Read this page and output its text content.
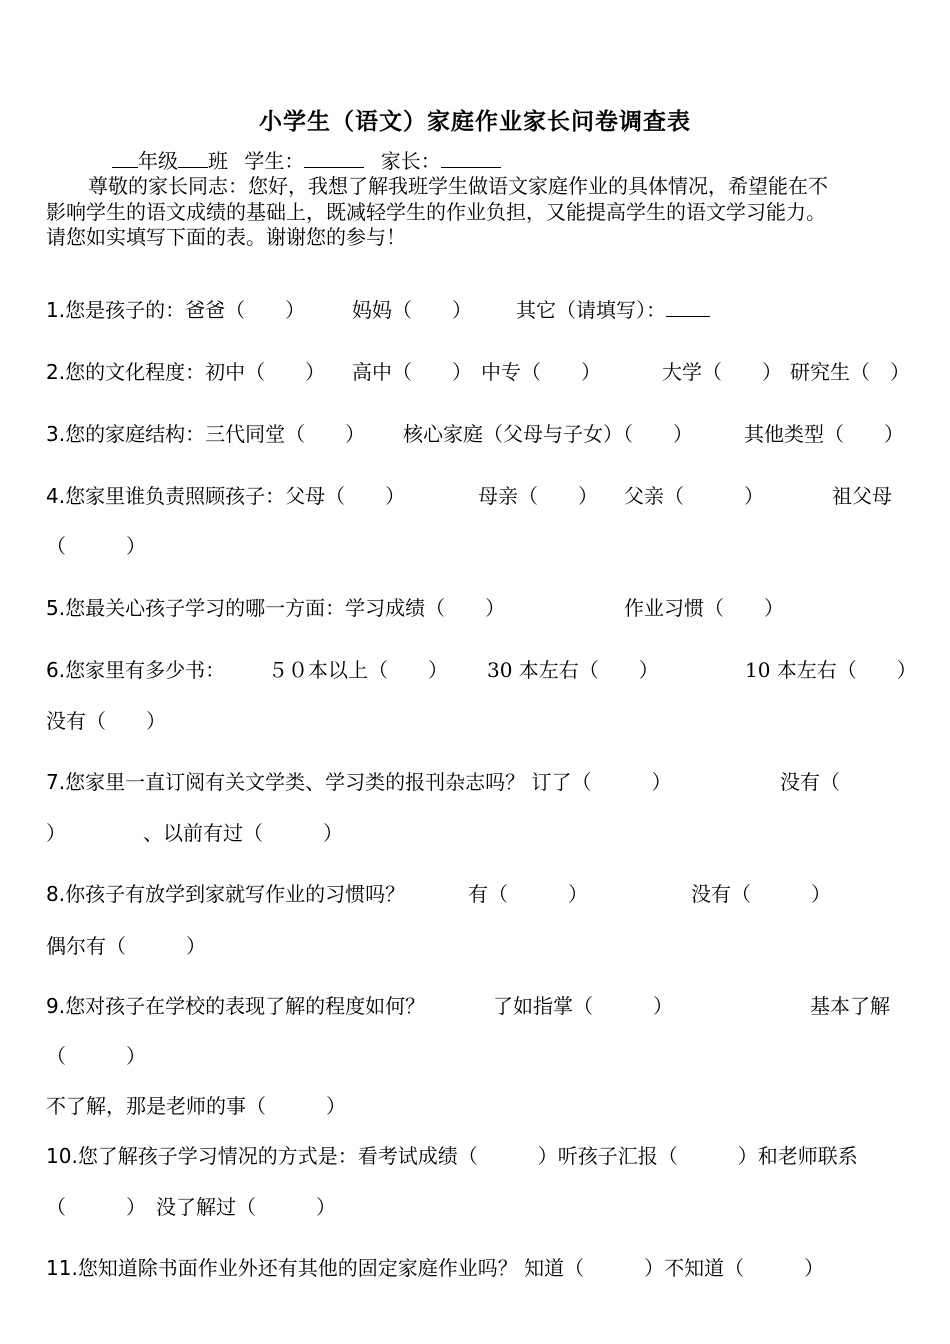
小学生（语文）家庭作业家长问卷调查表
年级 班 学生：	家长：
尊敬的家长同志：您好，我想了解我班学生做语文家庭作业的具体情况，希望能在不
影响学生的语文成绩的基础上，既减轻学生的作业负担，又能提高学生的语文学习能力。
请您如实填写下面的表。谢谢您的参与！
1.您是孩子的：爸爸（　　） 妈妈（　　） 其它（请填写）：
2.您的文化程度：初中（　　） 高中（　　） 中专（　　）	大学（　　） 研究生（　）
3.您的家庭结构：三代同堂（　　） 核心家庭（父母与子女）（　　）	其他类型（　　）
4.您家里谁负责照顾孩子：父母（　　）	母亲（　　） 父亲（　　　）	祖父母
（　　　）
5.您最关心孩子学习的哪一方面：学习成绩（　　）	作业习惯（　　）
6.您家里有多少书： ５０本以上（　　） 30 本左右（　　）	10 本左右（　　）
没有（　　）
7.您家里一直订阅有关文学类、学习类的报刊杂志吗？ 订了（　　　）	没有（
）	、以前有过（　　　）
8.你孩子有放学到家就写作业的习惯吗？	有（　　　）	没有（　　　）
偶尔有（　　　）
9.您对孩子在学校的表现了解的程度如何？	了如指掌（　　　）	基本了解
（　　　）
不了解，那是老师的事（　　　）
10.您了解孩子学习情况的方式是：看考试成绩（　　　）听孩子汇报（　　　）和老师联系
（　　　）　没了解过（　　　）
11.您知道除书面作业外还有其他的固定家庭作业吗？ 知道（　　　）不知道（　　　）
